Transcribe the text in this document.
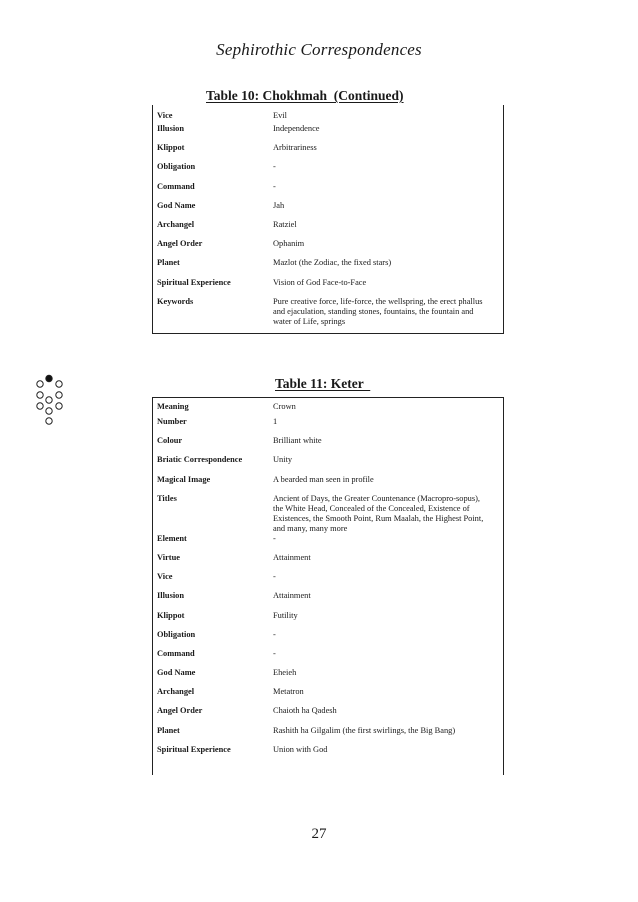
Sephirothic Correspondences
Table 10: Chokhmah  (Continued)
Vice	Evil
Illusion	Independence
Klippot	Arbitrariness
Obligation	-
Command	-
God Name	Jah
Archangel	Ratziel
Angel Order	Ophanim
Planet	Mazlot (the Zodiac, the fixed stars)
Spiritual Experience	Vision of God Face-to-Face
Keywords	Pure creative force, life-force, the wellspring, the erect phallus and ejaculation, standing stones, fountains, the fountain and water of Life, springs
Table 11: Keter
Meaning	Crown
Number	1
Colour	Brilliant white
Briatic Correspondence	Unity
Magical Image	A bearded man seen in profile
Titles	Ancient of Days, the Greater Countenance (Macropro-sopus), the White Head, Concealed of the Concealed, Existence of Existences, the Smooth Point, Rum Maalah, the Highest Point, and many, many more
Element	-
Virtue	Attainment
Vice	-
Illusion	Attainment
Klippot	Futility
Obligation	-
Command	-
God Name	Eheieh
Archangel	Metatron
Angel Order	Chaioth ha Qadesh
Planet	Rashith ha Gilgalim (the first swirlings, the Big Bang)
Spiritual Experience	Union with God
27
